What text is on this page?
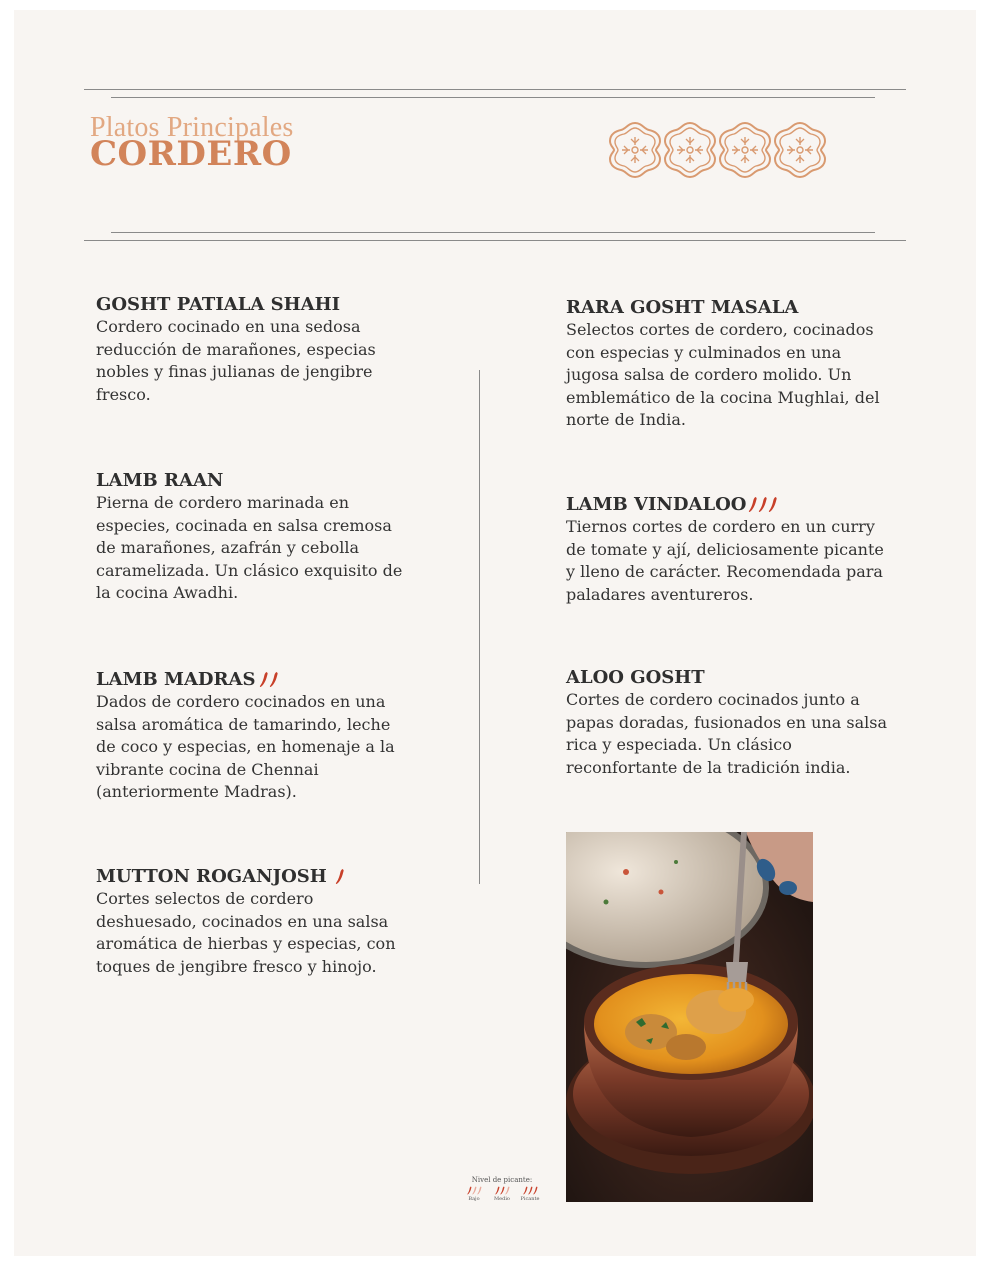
Platos Principales
CORDERO
GOSHT PATIALA SHAHI
Cordero cocinado en una sedosa reducción de marañones, especias nobles y finas julianas de jengibre fresco.
LAMB RAAN
Pierna de cordero marinada en especies, cocinada en salsa cremosa de marañones, azafrán y cebolla caramelizada. Un clásico exquisito de la cocina Awadhi.
LAMB MADRAS
Dados de cordero cocinados en una salsa aromática de tamarindo, leche de coco y especias, en homenaje a la vibrante cocina de Chennai (anteriormente Madras).
MUTTON ROGANJOSH
Cortes selectos de cordero deshuesado, cocinados en una salsa aromática de hierbas y especias, con toques de jengibre fresco y hinojo.
RARA GOSHT MASALA
Selectos cortes de cordero, cocinados con especias y culminados en una jugosa salsa de cordero molido. Un emblemático de la cocina Mughlai, del norte de India.
LAMB VINDALOO
Tiernos cortes de cordero en un curry de tomate y ají, deliciosamente picante y lleno de carácter. Recomendada para paladares aventureros.
ALOO GOSHT
Cortes de cordero cocinados junto a papas doradas, fusionados en una salsa rica y especiada. Un clásico reconfortante de la tradición india.
Nivel de picante:
Bajo	Medio Picante
